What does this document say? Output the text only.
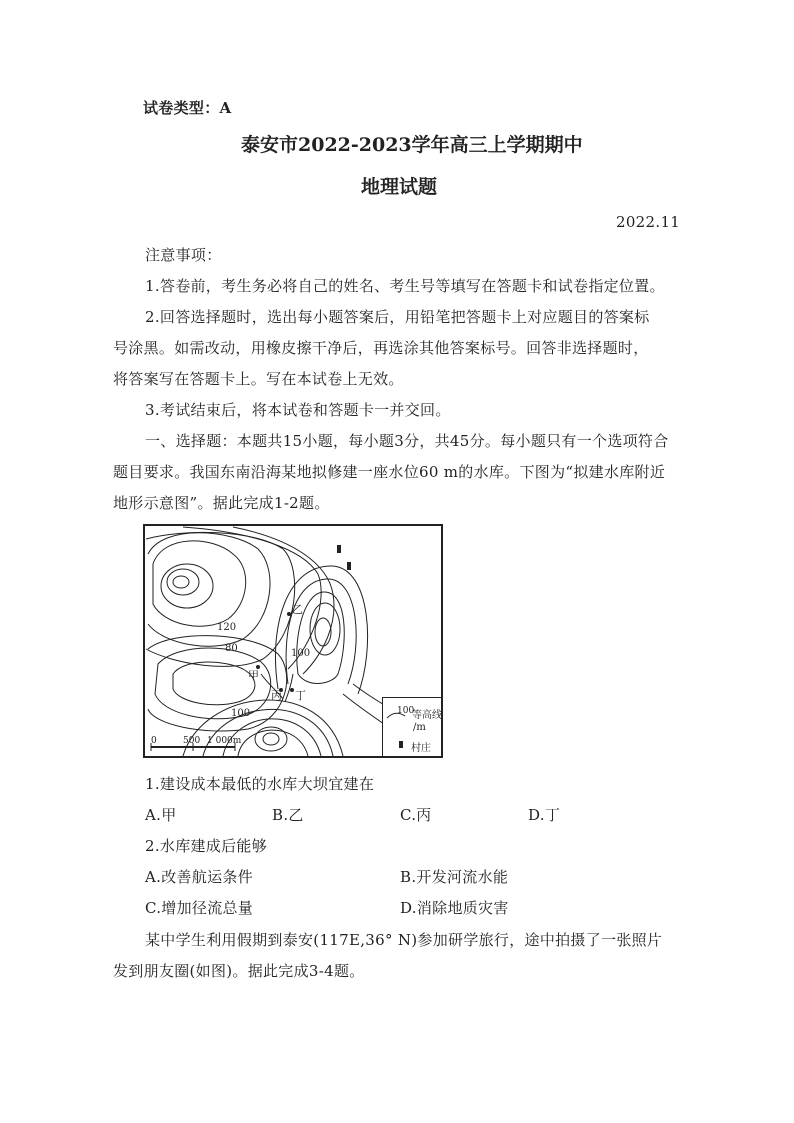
试卷类型：A
泰安市2022-2023学年高三上学期期中
地理试题
2022.11
注意事项：
1.答卷前，考生务必将自己的姓名、考生号等填写在答题卡和试卷指定位置。
2.回答选择题时，选出每小题答案后，用铅笔把答题卡上对应题目的答案标
号涂黑。如需改动，用橡皮擦干净后，再选涂其他答案标号。回答非选择题时，
将答案写在答题卡上。写在本试卷上无效。
3.考试结束后，将本试卷和答题卡一并交回。
一、选择题：本题共15小题，每小题3分，共45分。每小题只有一个选项符合
题目要求。我国东南沿海某地拟修建一座水位60 m的水库。下图为“拟建水库附近
地形示意图”。据此完成1-2题。
120
80	100
100
甲
乙
丙 丁
0	500 1 000m
100
等高线
/m
村庄
1.建设成本最低的水库大坝宜建在
A.甲	B.乙	C.丙	D.丁
2.水库建成后能够
A.改善航运条件	B.开发河流水能
C.增加径流总量	D.消除地质灾害
某中学生利用假期到泰安(117E,36° N)参加研学旅行，途中拍摄了一张照片
发到朋友圈(如图)。据此完成3-4题。
